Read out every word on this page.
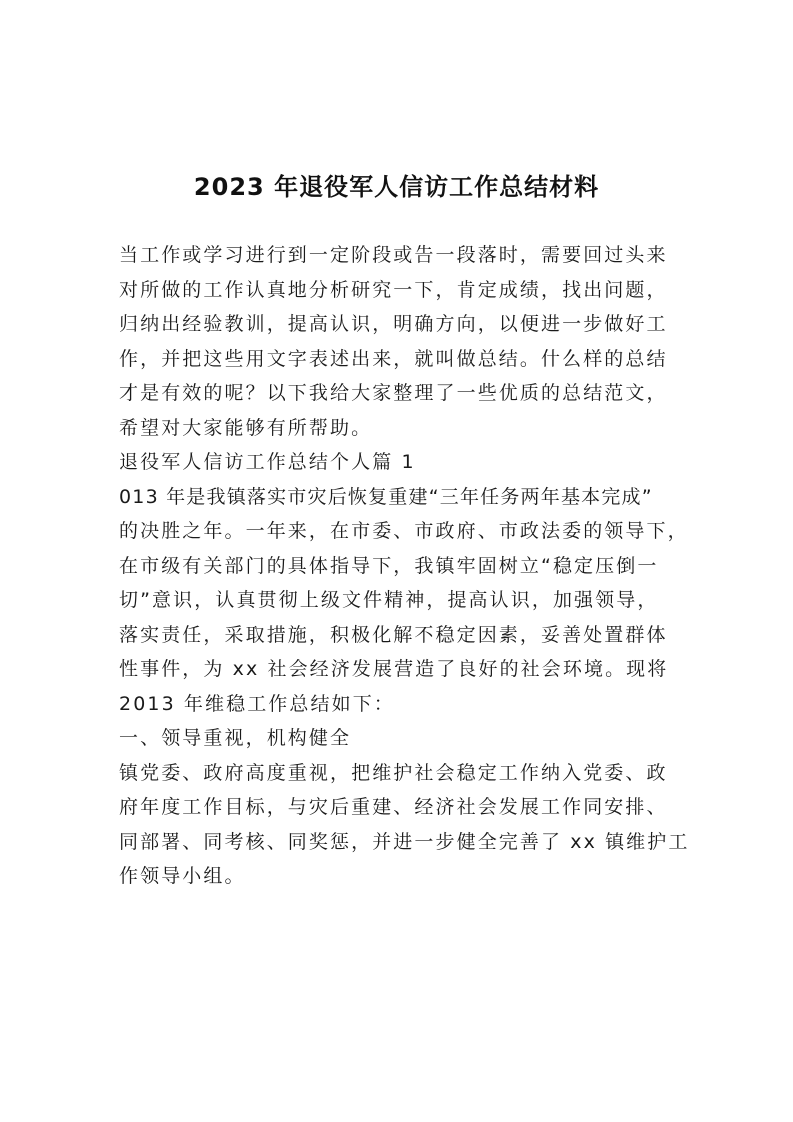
2023 年退役军人信访工作总结材料
当工作或学习进行到一定阶段或告一段落时，需要回过头来
对所做的工作认真地分析研究一下，肯定成绩，找出问题，
归纳出经验教训，提高认识，明确方向，以便进一步做好工
作，并把这些用文字表述出来，就叫做总结。什么样的总结
才是有效的呢？以下我给大家整理了一些优质的总结范文，
希望对大家能够有所帮助。
退役军人信访工作总结个人篇 1
013 年是我镇落实市灾后恢复重建“三年任务两年基本完成”
的决胜之年。一年来，在市委、市政府、市政法委的领导下，
在市级有关部门的具体指导下，我镇牢固树立“稳定压倒一
切”意识，认真贯彻上级文件精神，提高认识，加强领导，
落实责任，采取措施，积极化解不稳定因素，妥善处置群体
性事件，为 xx 社会经济发展营造了良好的社会环境。现将
2013 年维稳工作总结如下：
一、领导重视，机构健全
镇党委、政府高度重视，把维护社会稳定工作纳入党委、政
府年度工作目标，与灾后重建、经济社会发展工作同安排、
同部署、同考核、同奖惩，并进一步健全完善了 xx 镇维护工
作领导小组。
